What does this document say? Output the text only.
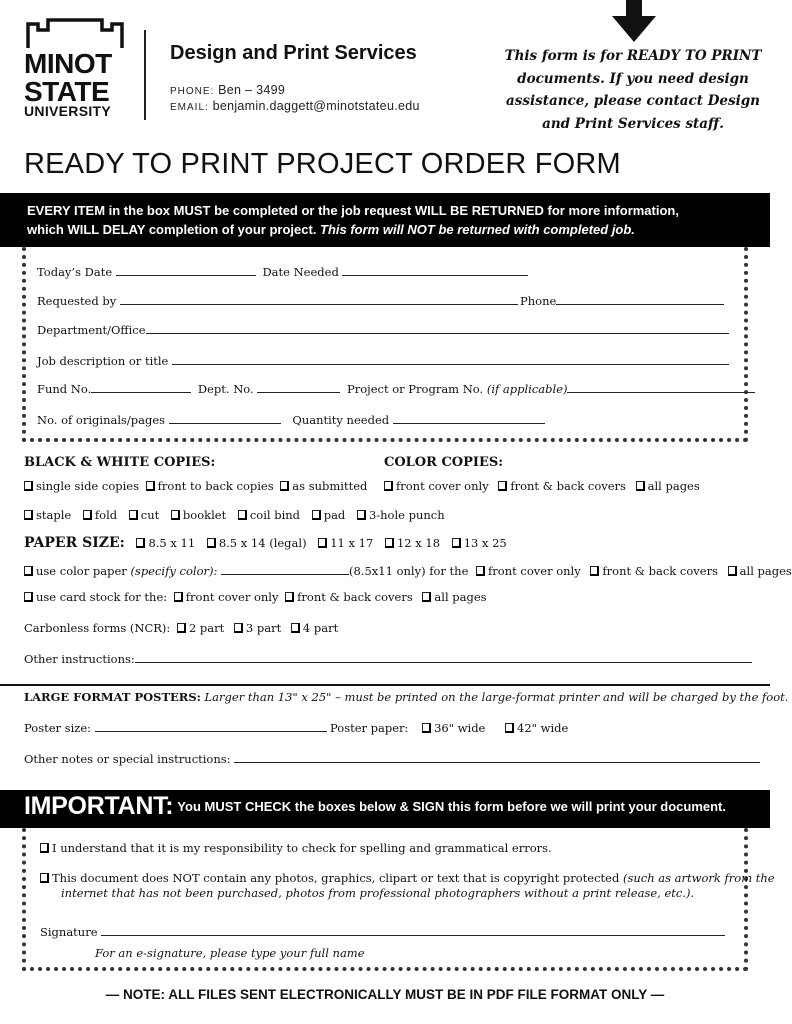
MINOT
STATE
UNIVERSITY
Design and Print Services
PHONE: Ben – 3499
EMAIL: benjamin.daggett@minotstateu.edu
This form is for READY TO PRINT documents. If you need design assistance, please contact Design and Print Services staff.
READY TO PRINT PROJECT ORDER FORM
EVERY ITEM in the box MUST be completed or the job request WILL BE RETURNED for more information,
which WILL DELAY completion of your project. This form will NOT be returned with completed job.
Today’s Date	Date Needed
Requested by	Phone
Department/Office
Job description or title
Fund No.	Dept. No.	Project or Program No. (if applicable)
No. of originals/pages	Quantity needed
BLACK & WHITE COPIES:	COLOR COPIES:
single side copies front to back copies as submitted	front cover only front & back covers all pages
staple fold cut booklet coil bind pad 3-hole punch
PAPER SIZE: 8.5 x 11 8.5 x 14 (legal) 11 x 17 12 x 18 13 x 25
use color paper (specify color):	(8.5x11 only) for the front cover only front & back covers all pages
use card stock for the: front cover only front & back covers all pages
Carbonless forms (NCR): 2 part 3 part 4 part
Other instructions:
LARGE FORMAT POSTERS: Larger than 13" x 25" – must be printed on the large-format printer and will be charged by the foot.
Poster size:	Poster paper: 36" wide	42" wide
Other notes or special instructions:
IMPORTANT: You MUST CHECK the boxes below & SIGN this form before we will print your document.
I understand that it is my responsibility to check for spelling and grammatical errors.
This document does NOT contain any photos, graphics, clipart or text that is copyright protected (such as artwork from the
internet that has not been purchased, photos from professional photographers without a print release, etc.).
Signature
For an e-signature, please type your full name
— NOTE: ALL FILES SENT ELECTRONICALLY MUST BE IN PDF FILE FORMAT ONLY —
